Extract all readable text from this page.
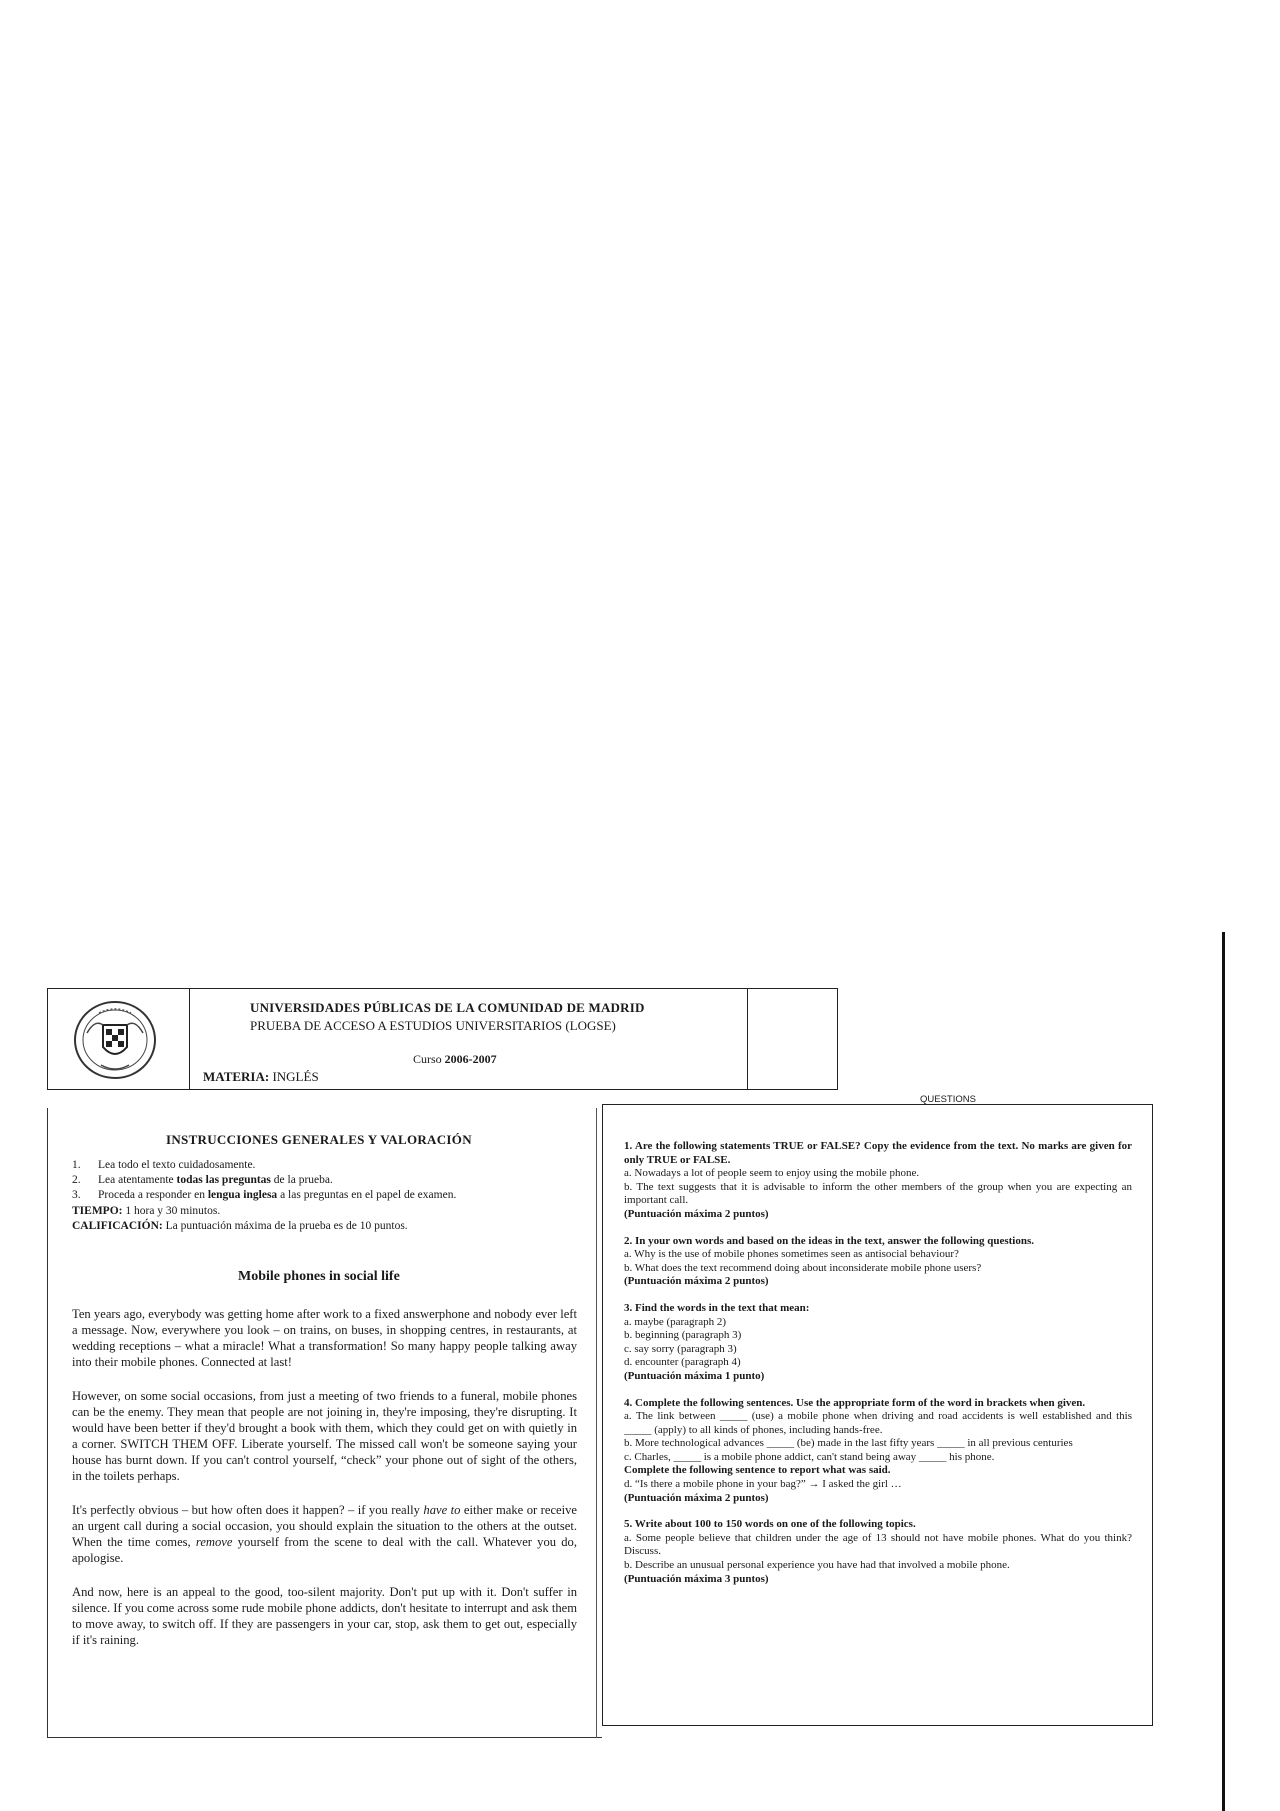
UNIVERSIDADES PÚBLICAS DE LA COMUNIDAD DE MADRID
PRUEBA DE ACCESO A ESTUDIOS UNIVERSITARIOS (LOGSE)
Curso 2006-2007
MATERIA: INGLÉS
QUESTIONS
INSTRUCCIONES GENERALES Y VALORACIÓN
1. Lea todo el texto cuidadosamente.
2. Lea atentamente todas las preguntas de la prueba.
3. Proceda a responder en lengua inglesa a las preguntas en el papel de examen.
TIEMPO: 1 hora y 30 minutos.
CALIFICACIÓN: La puntuación máxima de la prueba es de 10 puntos.
Mobile phones in social life

Ten years ago, everybody was getting home after work to a fixed answerphone and nobody ever left a message. Now, everywhere you look – on trains, on buses, in shopping centres, in restaurants, at wedding receptions – what a miracle! What a transformation! So many happy people talking away into their mobile phones. Connected at last!

However, on some social occasions, from just a meeting of two friends to a funeral, mobile phones can be the enemy. They mean that people are not joining in, they're imposing, they're disrupting. It would have been better if they'd brought a book with them, which they could get on with quietly in a corner. SWITCH THEM OFF. Liberate yourself. The missed call won't be someone saying your house has burnt down. If you can't control yourself, “check” your phone out of sight of the others, in the toilets perhaps.

It's perfectly obvious – but how often does it happen? – if you really have to either make or receive an urgent call during a social occasion, you should explain the situation to the others at the outset. When the time comes, remove yourself from the scene to deal with the call. Whatever you do, apologise.

And now, here is an appeal to the good, too-silent majority. Don't put up with it. Don't suffer in silence. If you come across some rude mobile phone addicts, don't hesitate to interrupt and ask them to move away, to switch off. If they are passengers in your car, stop, ask them to get out, especially if it's raining.

1. Are the following statements TRUE or FALSE? Copy the evidence from the text. No marks are given for only TRUE or FALSE.
a. Nowadays a lot of people seem to enjoy using the mobile phone.
b. The text suggests that it is advisable to inform the other members of the group when you are expecting an important call.
(Puntuación máxima 2 puntos)
2. In your own words and based on the ideas in the text, answer the following questions.
a. Why is the use of mobile phones sometimes seen as antisocial behaviour?
b. What does the text recommend doing about inconsiderate mobile phone users?
(Puntuación máxima 2 puntos)
3. Find the words in the text that mean:
a. maybe (paragraph 2)
b. beginning (paragraph 3)
c. say sorry (paragraph 3)
d. encounter (paragraph 4)
(Puntuación máxima 1 punto)
4. Complete the following sentences. Use the appropriate form of the word in brackets when given.
a. The link between _____ (use) a mobile phone when driving and road accidents is well established and this _____ (apply) to all kinds of phones, including hands-free.
b. More technological advances _____ (be) made in the last fifty years _____ in all previous centuries
c. Charles, _____ is a mobile phone addict, can't stand being away _____ his phone.
Complete the following sentence to report what was said.
d. “Is there a mobile phone in your bag?” → I asked the girl …
(Puntuación máxima 2 puntos)
5. Write about 100 to 150 words on one of the following topics.
a. Some people believe that children under the age of 13 should not have mobile phones. What do you think? Discuss.
b. Describe an unusual personal experience you have had that involved a mobile phone.
(Puntuación máxima 3 puntos)
